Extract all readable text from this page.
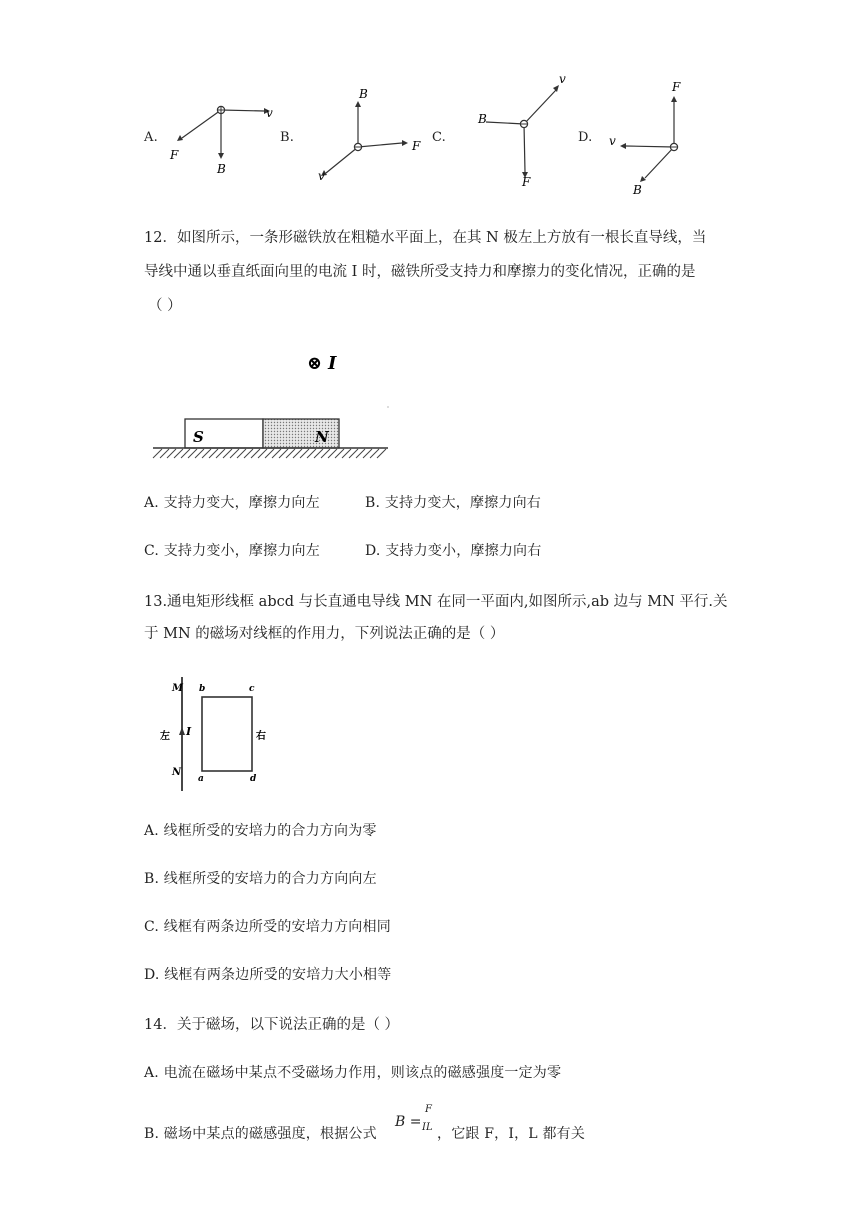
A.
v
F
B
B.
B
F
v
C.
B
v
F
D.
F
v
B
12．如图所示，一条形磁铁放在粗糙水平面上，在其 N 极左上方放有一根长直导线，当
导线中通以垂直纸面向里的电流 I 时，磁铁所受支持力和摩擦力的变化情况，正确的是
（ ）
⊗ I
S	N
A. 支持力变大，摩擦力向左	B. 支持力变大，摩擦力向右
C. 支持力变小，摩擦力向左	D. 支持力变小，摩擦力向右
13.通电矩形线框 abcd 与长直通电导线 MN 在同一平面内,如图所示,ab 边与 MN 平行.关
于 MN 的磁场对线框的作用力，下列说法正确的是（ ）
M
N
I
b	c
a	d
左	右
A. 线框所受的安培力的合力方向为零
B. 线框所受的安培力的合力方向向左
C. 线框有两条边所受的安培力方向相同
D. 线框有两条边所受的安培力大小相等
14．关于磁场，以下说法正确的是（ ）
A. 电流在磁场中某点不受磁场力作用，则该点的磁感强度一定为零
B. 磁场中某点的磁感强度，根据公式
B =
F
IL ，它跟 F，I，L 都有关
